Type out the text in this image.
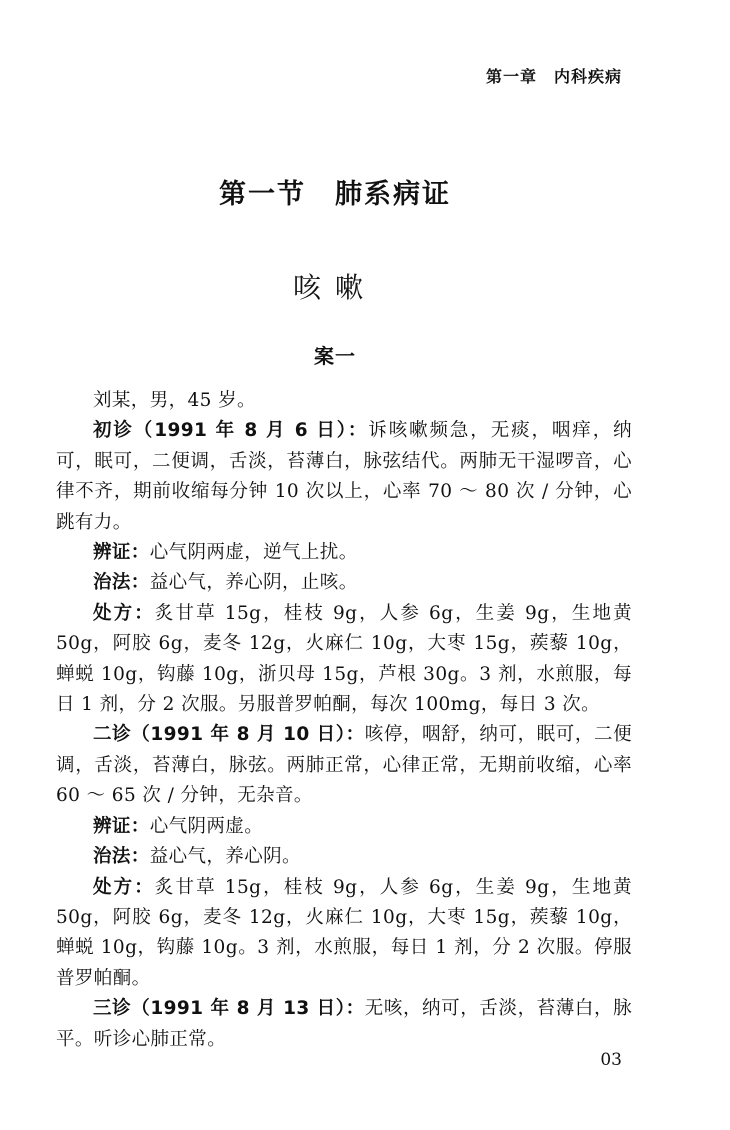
第一章　内科疾病
第一节　肺系病证
咳嗽
案一

刘某，男，45 岁。

初诊（1991 年 8 月 6 日）：诉咳嗽频急，无痰，咽痒，纳可，眠可，二便调，舌淡，苔薄白，脉弦结代。两肺无干湿啰音，心律不齐，期前收缩每分钟 10 次以上，心率 70 ～ 80 次 / 分钟，心跳有力。

辨证：心气阴两虚，逆气上扰。

治法：益心气，养心阴，止咳。

处方：炙甘草 15g，桂枝 9g，人参 6g，生姜 9g，生地黄 50g，阿胶 6g，麦冬 12g，火麻仁 10g，大枣 15g，蒺藜 10g，蝉蜕 10g，钩藤 10g，浙贝母 15g，芦根 30g。3 剂，水煎服，每日 1 剂，分 2 次服。另服普罗帕酮，每次 100mg，每日 3 次。

二诊（1991 年 8 月 10 日）：咳停，咽舒，纳可，眠可，二便调，舌淡，苔薄白，脉弦。两肺正常，心律正常，无期前收缩，心率 60 ～ 65 次 / 分钟，无杂音。

辨证：心气阴两虚。

治法：益心气，养心阴。

处方：炙甘草 15g，桂枝 9g，人参 6g，生姜 9g，生地黄 50g，阿胶 6g，麦冬 12g，火麻仁 10g，大枣 15g，蒺藜 10g，蝉蜕 10g，钩藤 10g。3 剂，水煎服，每日 1 剂，分 2 次服。停服普罗帕酮。

三诊（1991 年 8 月 13 日）：无咳，纳可，舌淡，苔薄白，脉平。听诊心肺正常。

03
